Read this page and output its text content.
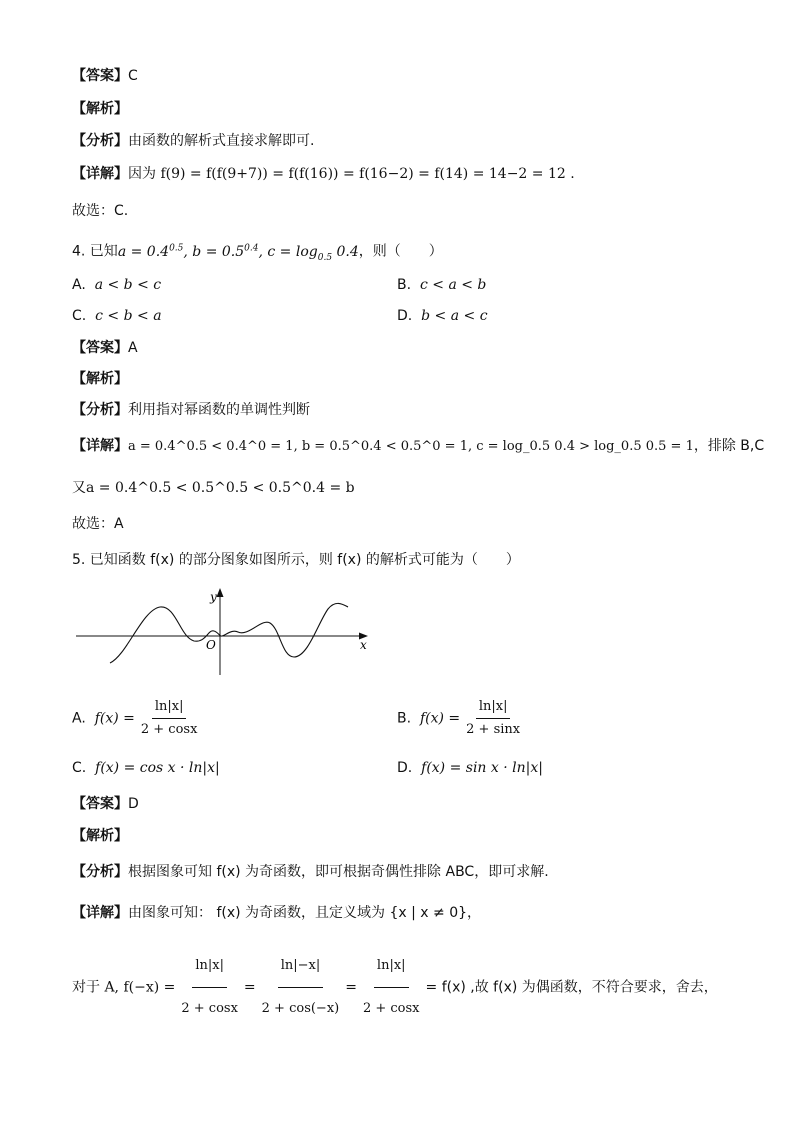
【答案】C
【解析】
【分析】由函数的解析式直接求解即可.
【详解】因为 f(9) = f(f(9+7)) = f(f(16)) = f(16−2) = f(14) = 14−2 = 12 .
故选：C.
4. 已知$a = 0.4^{0.5}$, $b = 0.5^{0.4}$, $c = \log_{0.5} 0.4$，则（　　）
A. a < b < c	B. c < a < b
C. c < b < a	D. b < a < c
【答案】A
【解析】
【分析】利用指对幂函数的单调性判断
【详解】a = 0.4^0.5 < 0.4^0 = 1, b = 0.5^0.4 < 0.5^0 = 1, c = log_0.5 0.4 > log_0.5 0.5 = 1，排除 B,C
又a = 0.4^0.5 < 0.5^0.5 < 0.5^0.4 = b
故选：A
5. 已知函数 f(x) 的部分图象如图所示，则 f(x) 的解析式可能为（　　）
y
x
O
A. $f(x) = \frac{\ln|x|}{2 + \cos x}$	B. $f(x) = \frac{\ln|x|}{2 + \sin x}$
C. f(x) = cos x · ln|x|	D. f(x) = sin x · ln|x|
【答案】D
【解析】
【分析】根据图象可知 f(x) 为奇函数，即可根据奇偶性排除 ABC，即可求解.
【详解】由图象可知： f(x) 为奇函数，且定义域为 {x | x ≠ 0}，
对于 A, $f(-x) = \frac{\ln|x|}{2 + \cos x} = \frac{\ln|-x|}{2 + \cos(-x)} = \frac{\ln|x|}{2 + \cos x} = f(x)$ ,故 f(x) 为偶函数，不符合要求，舍去，
